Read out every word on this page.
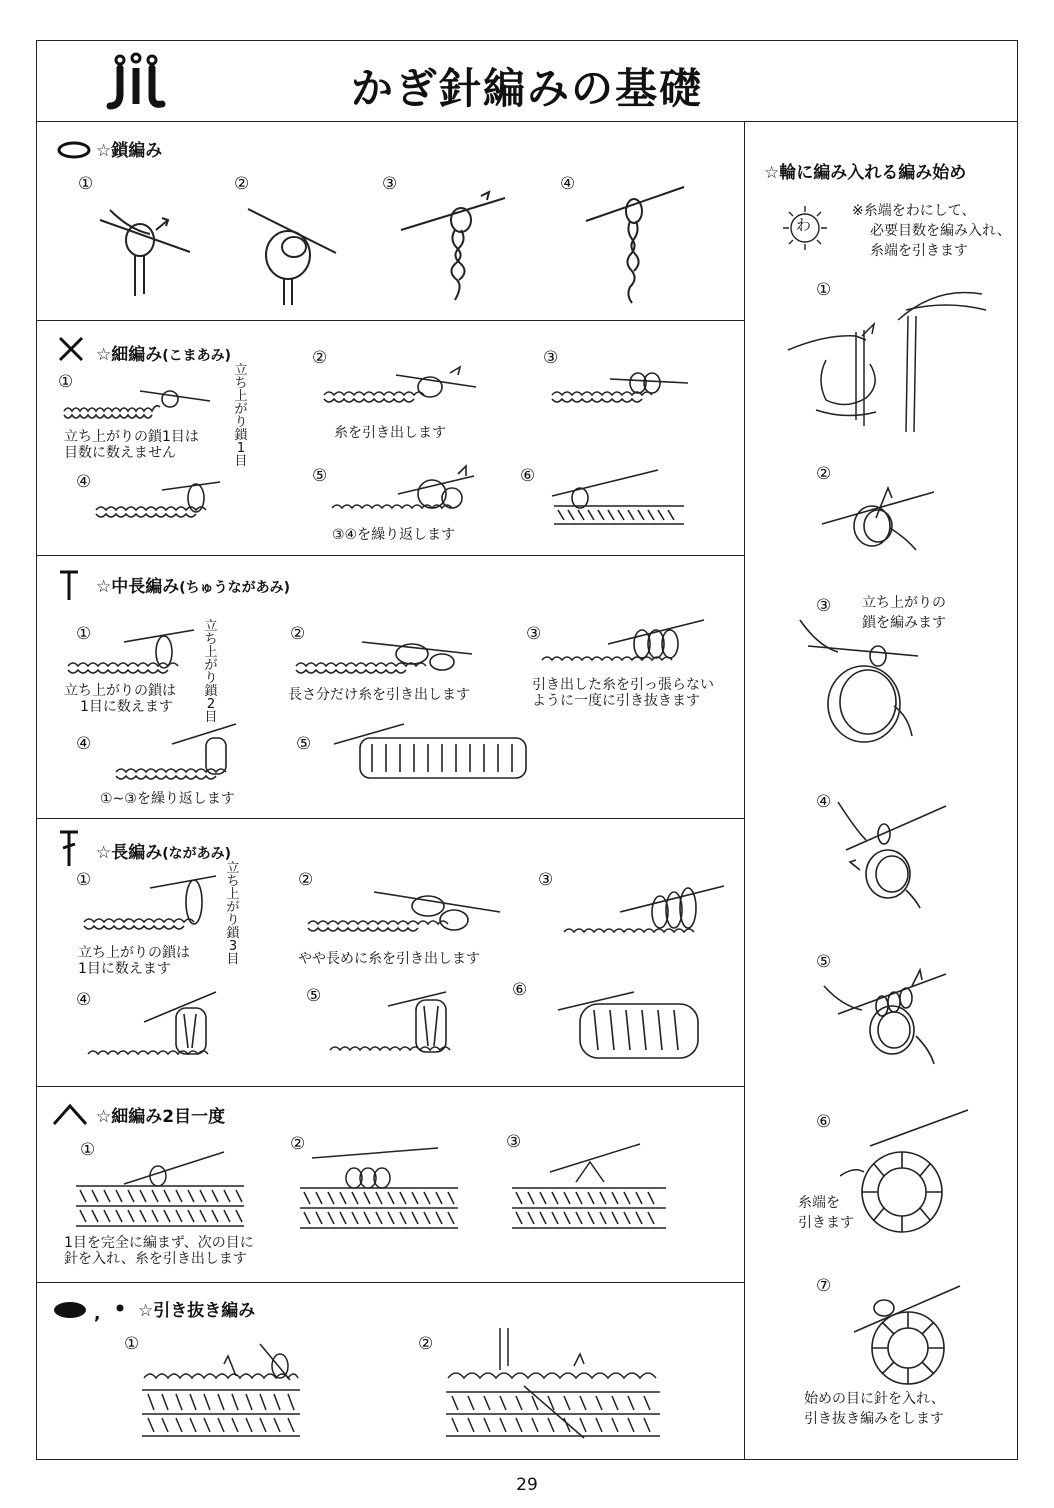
かぎ針編みの基礎
☆鎖編み
①	②	③	④
☆細編み(こまあみ)
①
②	③
④	⑤	⑥
立ち上がり鎖1目
立ち上がりの鎖1目は
目数に数えません
糸を引き出します
③④を繰り返します
☆中長編み(ちゅうながあみ)
①	②	③
④	⑤
立ち上がり鎖2目
立ち上がりの鎖は
1目に数えます
長さ分だけ糸を引き出します
引き出した糸を引っ張らない
ように一度に引き抜きます
①~③を繰り返します
☆長編み(ながあみ)
①	②	③
④	⑤	⑥
立ち上がり鎖3目
立ち上がりの鎖は
1目に数えます
やや長めに糸を引き出します
☆細編み2目一度
①	②	③
1目を完全に編まず、次の目に
針を入れ、糸を引き出します
, ☆引き抜き編み
①	②
☆輪に編み入れる編み始め
わ
※糸端をわにして、
必要目数を編み入れ、
糸端を引きます
①
②
③ 立ち上がりの
鎖を編みます
④
⑤
⑥
糸端を
引きます
⑦
始めの目に針を入れ、
引き抜き編みをします
29
